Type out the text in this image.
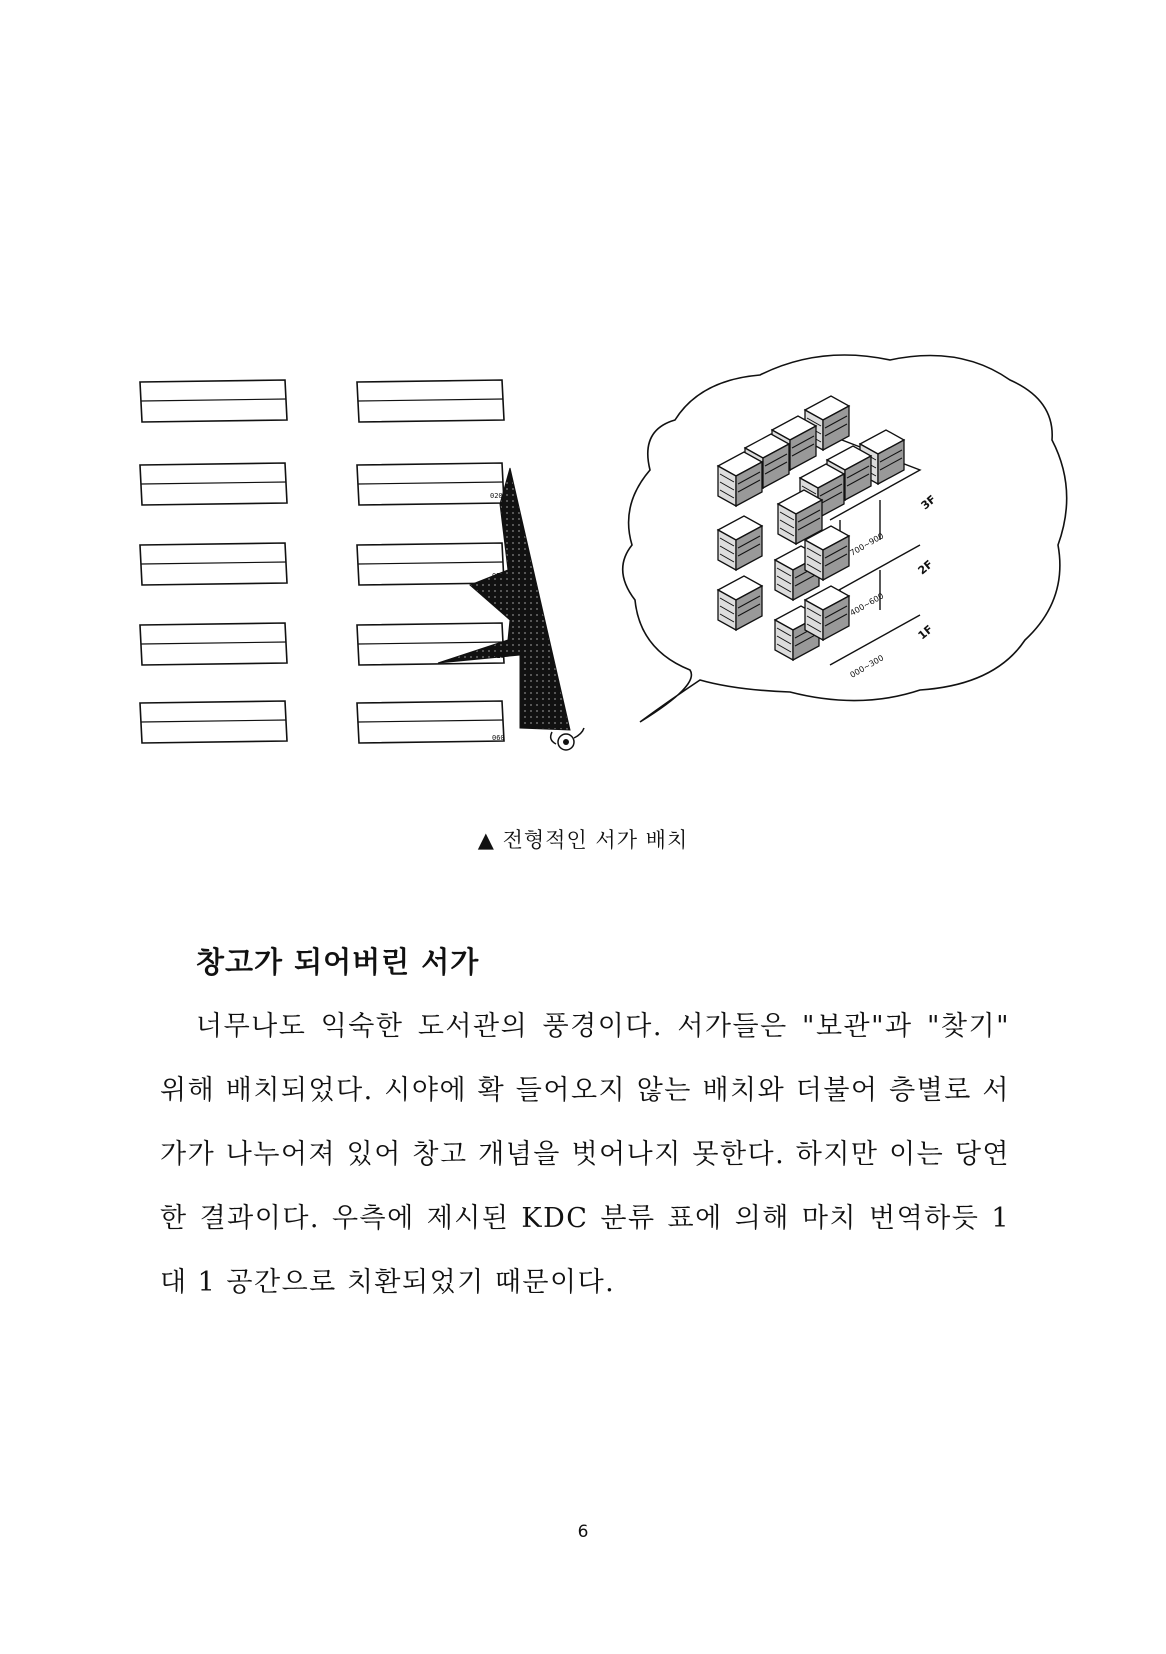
020
070
810
060
3F
2F
1F
700~900
400~600
000~300
▲ 전형적인 서가 배치
창고가 되어버린 서가
너무나도 익숙한 도서관의 풍경이다. 서가들은 "보관"과 "찾기" 위해 배치되었다. 시야에 확 들어오지 않는 배치와 더불어 층별로 서가가 나누어져 있어 창고 개념을 벗어나지 못한다. 하지만 이는 당연한 결과이다. 우측에 제시된 KDC 분류 표에 의해 마치 번역하듯 1대 1 공간으로 치환되었기 때문이다.
6
